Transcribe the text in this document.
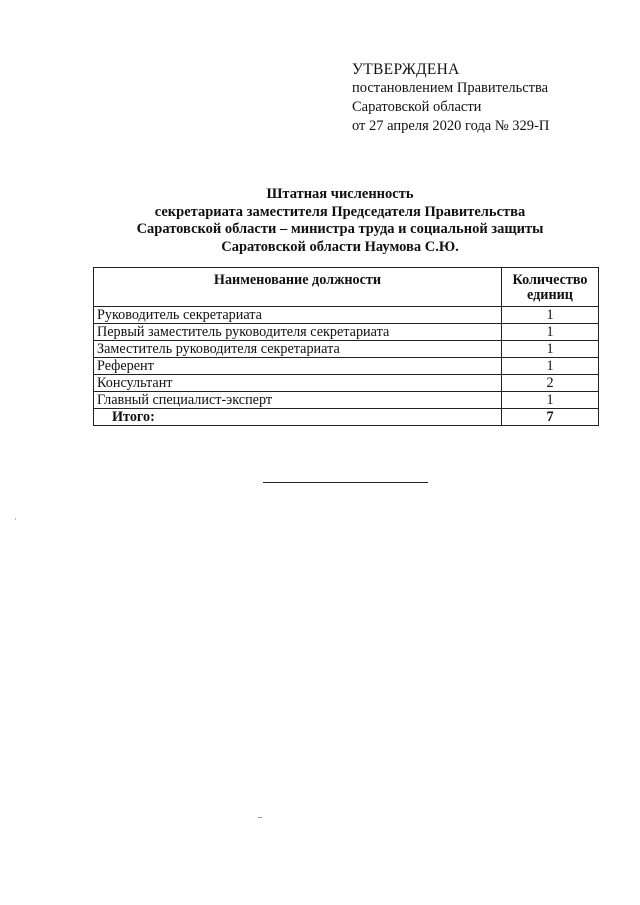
УТВЕРЖДЕНА
постановлением Правительства
Саратовской области
от 27 апреля 2020 года № 329-П
Штатная численность
секретариата заместителя Председателя Правительства
Саратовской области – министра труда и социальной защиты
Саратовской области Наумова С.Ю.
Наименование должности	Количество
единиц
Руководитель секретариата	1
Первый заместитель руководителя секретариата	1
Заместитель руководителя секретариата	1
Референт	1
Консультант	2
Главный специалист-эксперт	1
Итого:	7
